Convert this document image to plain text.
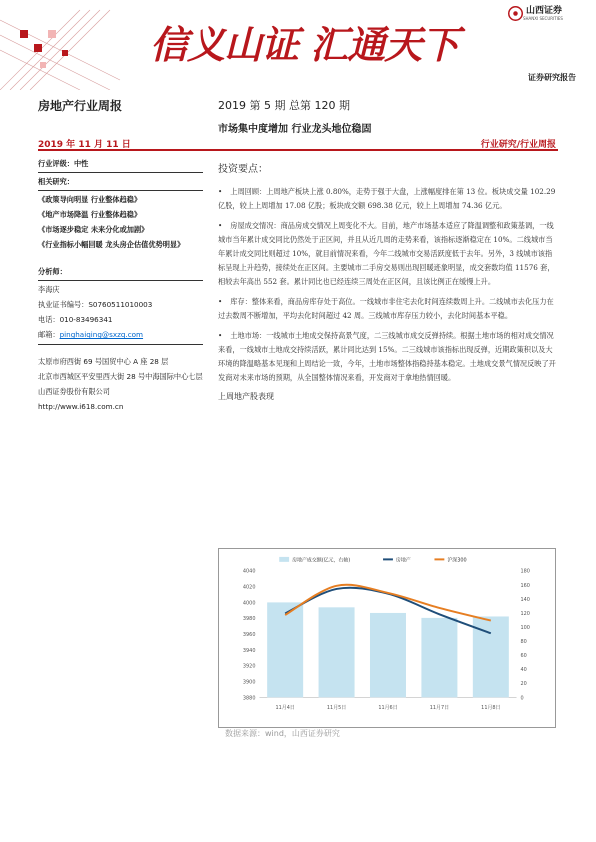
信义山证 汇通天下
山西证券
SHANXI SECURITIES
证券研究报告
房地产行业周报	2019 第 5 期 总第 120 期
市场集中度增加 行业龙头地位稳固
2019 年 11 月 11 日	行业研究/行业周报
行业评级：中性
相关研究：

《政策导向明显 行业整体趋稳》

《地产市场降温 行业整体趋稳》

《市场逐步稳定 未来分化或加剧》

《行业指标小幅回暖 龙头房企估值优势明显》

分析师：

李海庆

执业证书编号：S0760511010003

电话：010-83496341

邮箱：pinghaiqing@sxzq.com

太原市府西街 69 号国贸中心 A 座 28 层

北京市西城区平安里西大街 28 号中海国际中心七层

山西证券股份有限公司

http://www.i618.com.cn

投资要点：
• 上周回顾：上周地产板块上涨 0.80%，走势于强于大盘，上涨幅度排在第 13 位。板块成交量 102.29 亿股，较上上周增加 17.08 亿股；板块成交额 698.38 亿元，较上上周增加 74.36 亿元。
• 房屋成交情况：商品房成交情况上周变化不大。目前，地产市场基本适应了降温调整和政策基调，一线城市当年累计成交同比仍然处于正区间，并且从近几周的走势来看，该指标逐渐稳定在 10%。二线城市当年累计成交同比则超过 10%，就目前情况来看，今年二线城市交易活跃度低于去年。另外，3 线城市该指标呈现上升趋势，接续处在正区间。主要城市二手房交易则出现回暖迹象明显，成交套数均值 11576 套，相较去年高出 552 套。累计同比也已经连续三周处在正区间，且该比例正在缓慢上升。
• 库存：整体来看，商品房库存处于高位。一线城市非住宅去化时间连续数周上升。二线城市去化压力在过去数周不断增加，平均去化时间超过 42 周。三线城市库存压力较小，去化时间基本平稳。
• 土地市场：一线城市土地成交保持高景气度，二三线城市成交反弹持续。根据土地市场的相对成交情况来看，一线城市土地成交持续活跃，累计同比达到 15%。二三线城市该指标出现反弹，近期政策积以及大环境的降温略基本见现和上周结论一致，今年，土地市场整体指稳持基本稳定。土地成交景气情况反映了开发商对未来市场的预期，从全国整体情况来看，开发商对于拿地热情回暖。
上周地产股表现
3880
3900
3920
3940
3960
3980
4000
4020
4040
0
20
40
60
80
100
120
140
160
180
11月4日	11月5日	11月6日	11月7日	11月8日
房地产成交额(亿元，右轴)	房地产	沪深300
数据来源：wind，山西证券研究
